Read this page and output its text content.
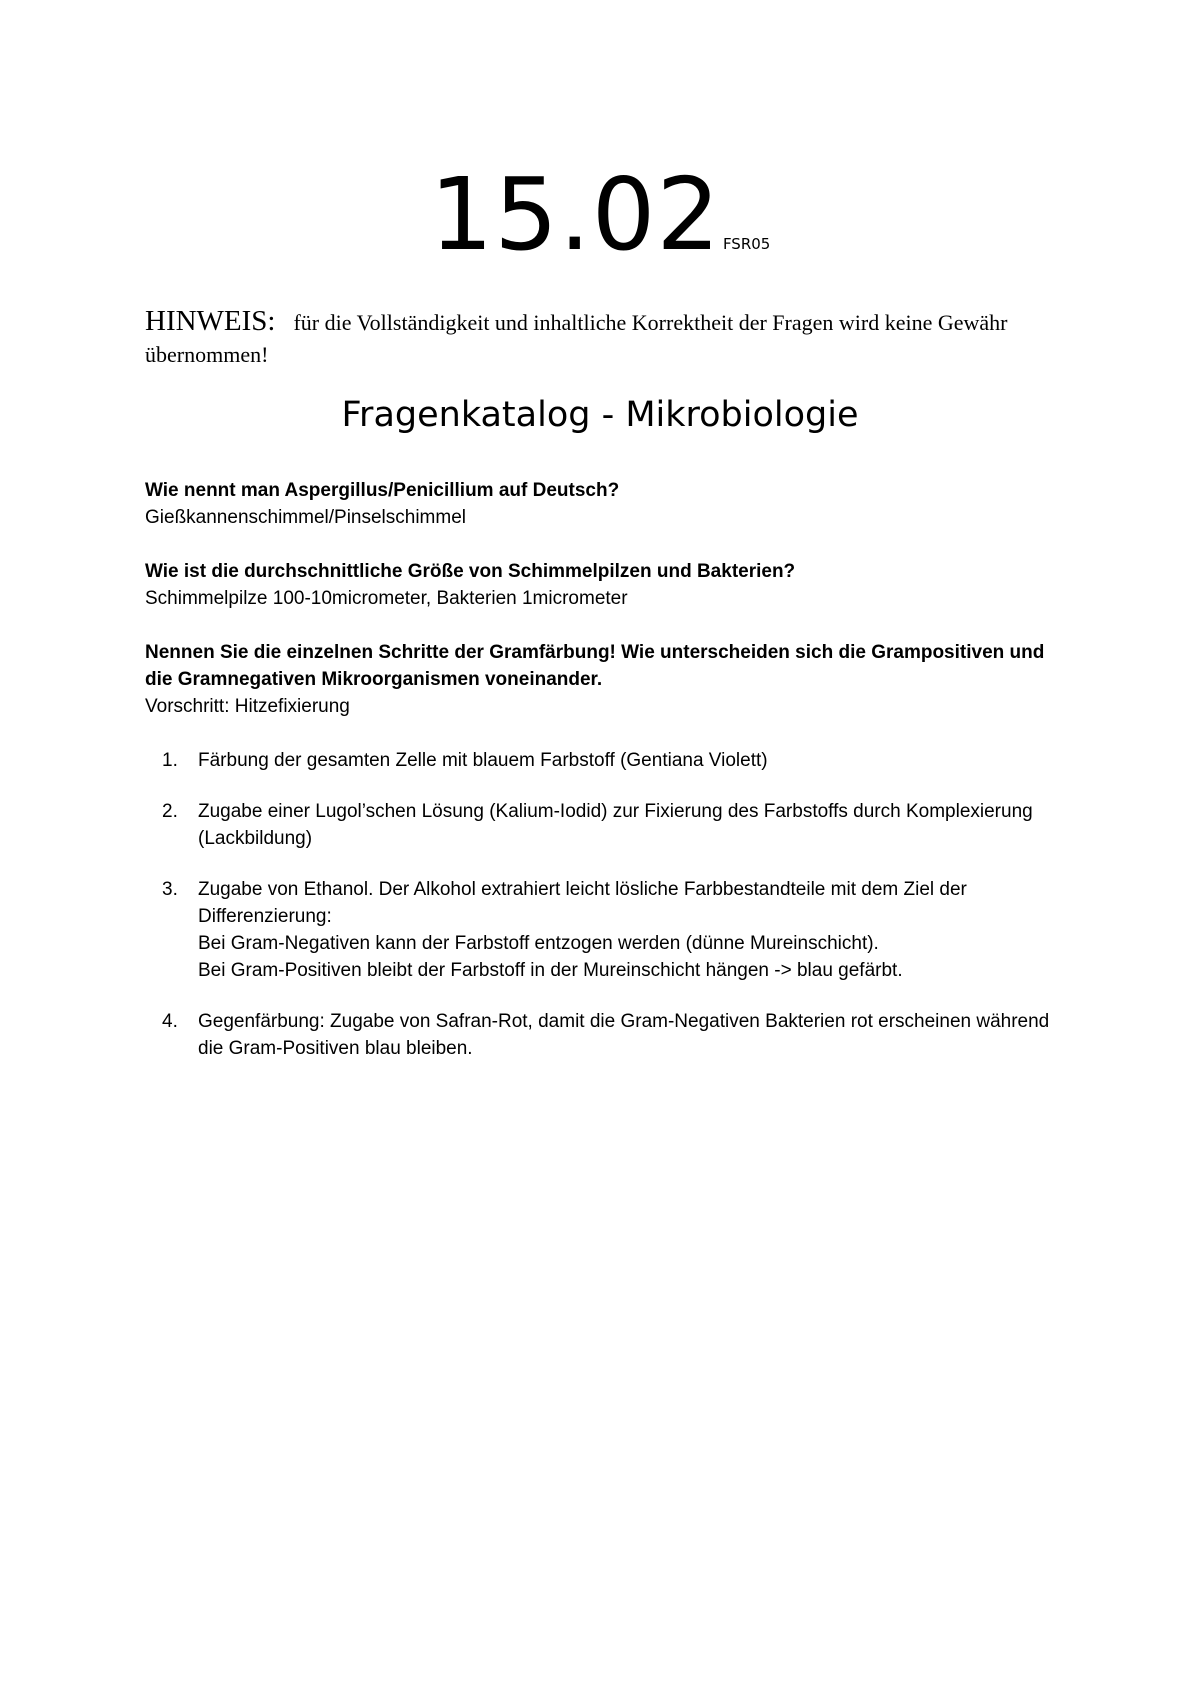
15.02 FSR05
HINWEIS: für die Vollständigkeit und inhaltliche Korrektheit der Fragen wird keine Gewähr übernommen!
Fragenkatalog - Mikrobiologie

Wie nennt man Aspergillus/Penicillium auf Deutsch?

Gießkannenschimmel/Pinselschimmel

Wie ist die durchschnittliche Größe von Schimmelpilzen und Bakterien?

Schimmelpilze 100-10micrometer, Bakterien 1micrometer

Nennen Sie die einzelnen Schritte der Gramfärbung! Wie unterscheiden sich die Grampositiven und die Gramnegativen Mikroorganismen voneinander.

Vorschritt: Hitzefixierung

1.	Färbung der gesamten Zelle mit blauem Farbstoff (Gentiana Violett)

2.	Zugabe einer Lugol’schen Lösung (Kalium-Iodid) zur Fixierung des Farbstoffs durch Komplexierung (Lackbildung)

3.	Zugabe von Ethanol. Der Alkohol extrahiert leicht lösliche Farbbestandteile mit dem Ziel der Differenzierung:

Bei Gram-Negativen kann der Farbstoff entzogen werden (dünne Mureinschicht).

Bei Gram-Positiven bleibt der Farbstoff in der Mureinschicht hängen -> blau gefärbt.

4.	Gegenfärbung: Zugabe von Safran-Rot, damit die Gram-Negativen Bakterien rot erscheinen während die Gram-Positiven blau bleiben.
